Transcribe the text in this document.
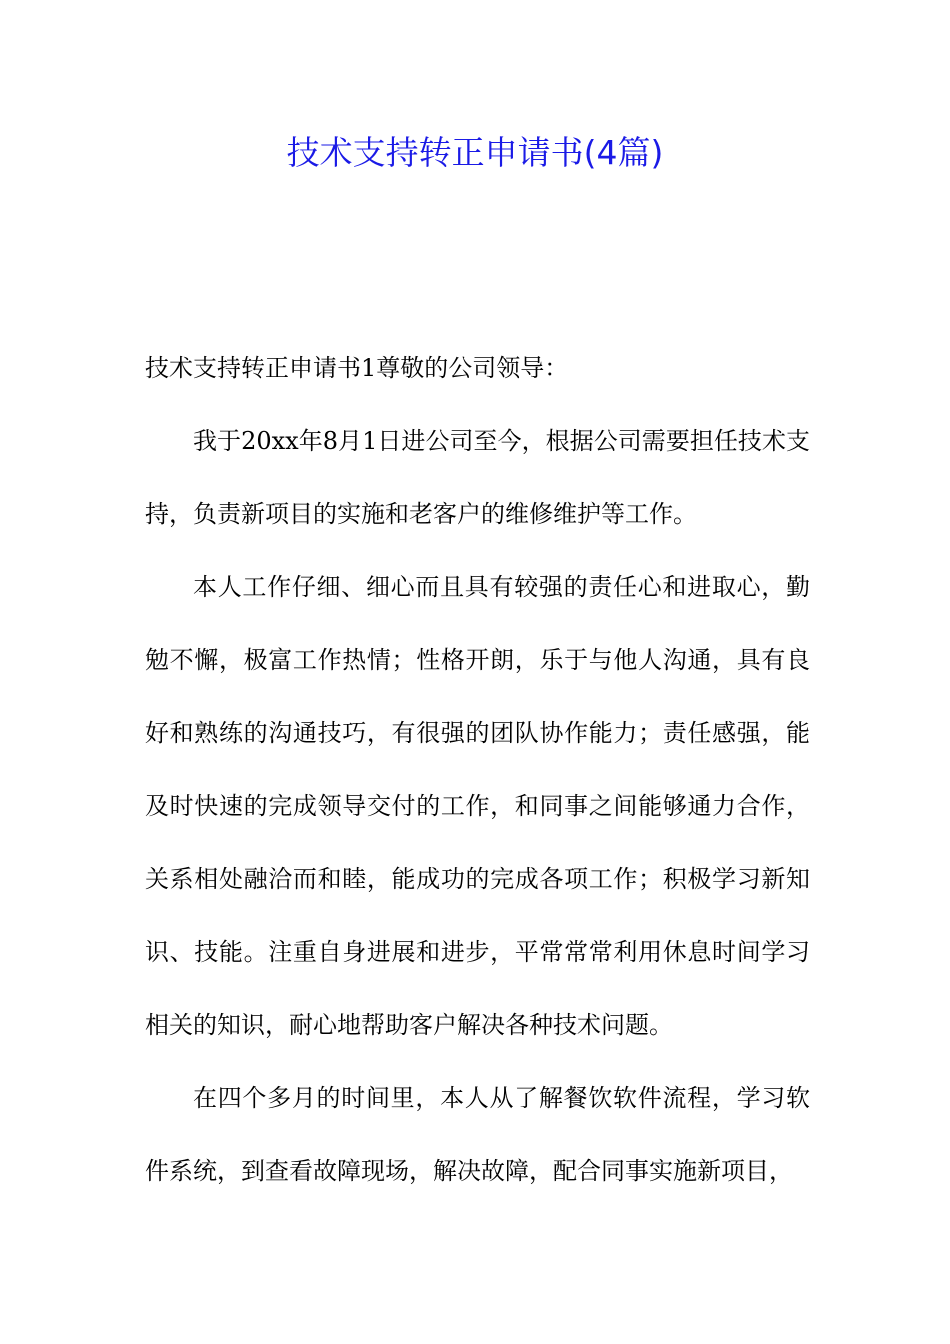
技术支持转正申请书(4篇)

技术支持转正申请书1尊敬的公司领导：

我于20xx年8月1日进公司至今，根据公司需要担任技术支持，负责新项目的实施和老客户的维修维护等工作。

本人工作仔细、细心而且具有较强的责任心和进取心，勤勉不懈，极富工作热情；性格开朗，乐于与他人沟通，具有良好和熟练的沟通技巧，有很强的团队协作能力；责任感强，能及时快速的完成领导交付的工作，和同事之间能够通力合作，关系相处融洽而和睦，能成功的完成各项工作；积极学习新知识、技能。注重自身进展和进步，平常常常利用休息时间学习相关的知识，耐心地帮助客户解决各种技术问题。

在四个多月的时间里，本人从了解餐饮软件流程，学习软件系统，到查看故障现场，解决故障，配合同事实施新项目，
